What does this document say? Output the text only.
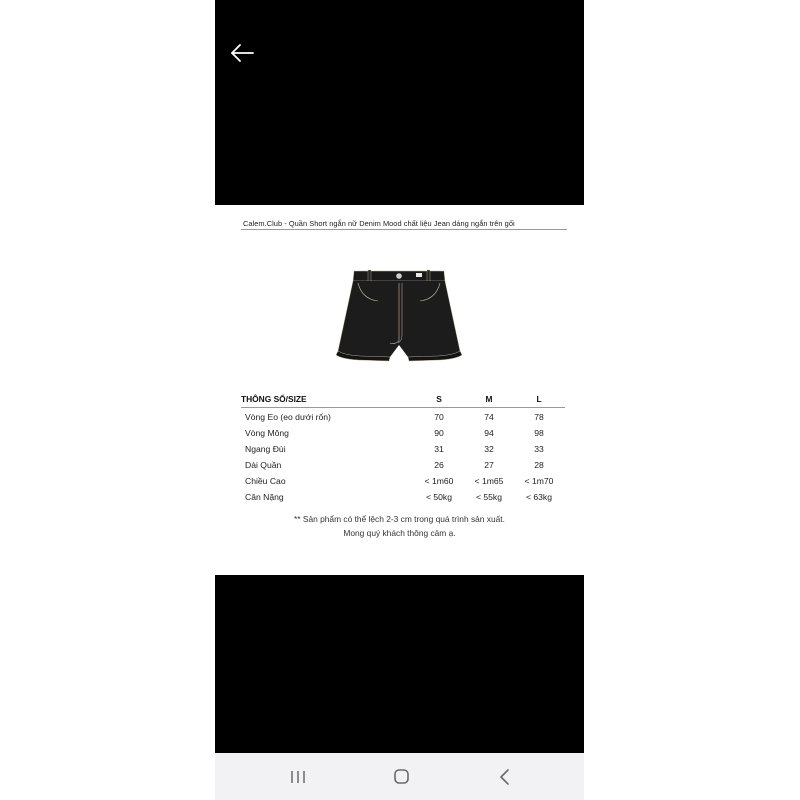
Calem.Club - Quần Short ngắn nữ Denim Mood chất liệu Jean dáng ngắn trên gối
THÔNG SỐ/SIZE	S	M	L
Vòng Eo (eo dưới rốn)	70	74	78
Vòng Mông	90	94	98
Ngang Đùi	31	32	33
Dài Quần	26	27	28
Chiều Cao	< 1m60	< 1m65	< 1m70
Cân Nặng	< 50kg	< 55kg	< 63kg
** Sản phẩm có thể lệch 2-3 cm trong quá trình sản xuất.
Mong quý khách thông cảm ạ.
